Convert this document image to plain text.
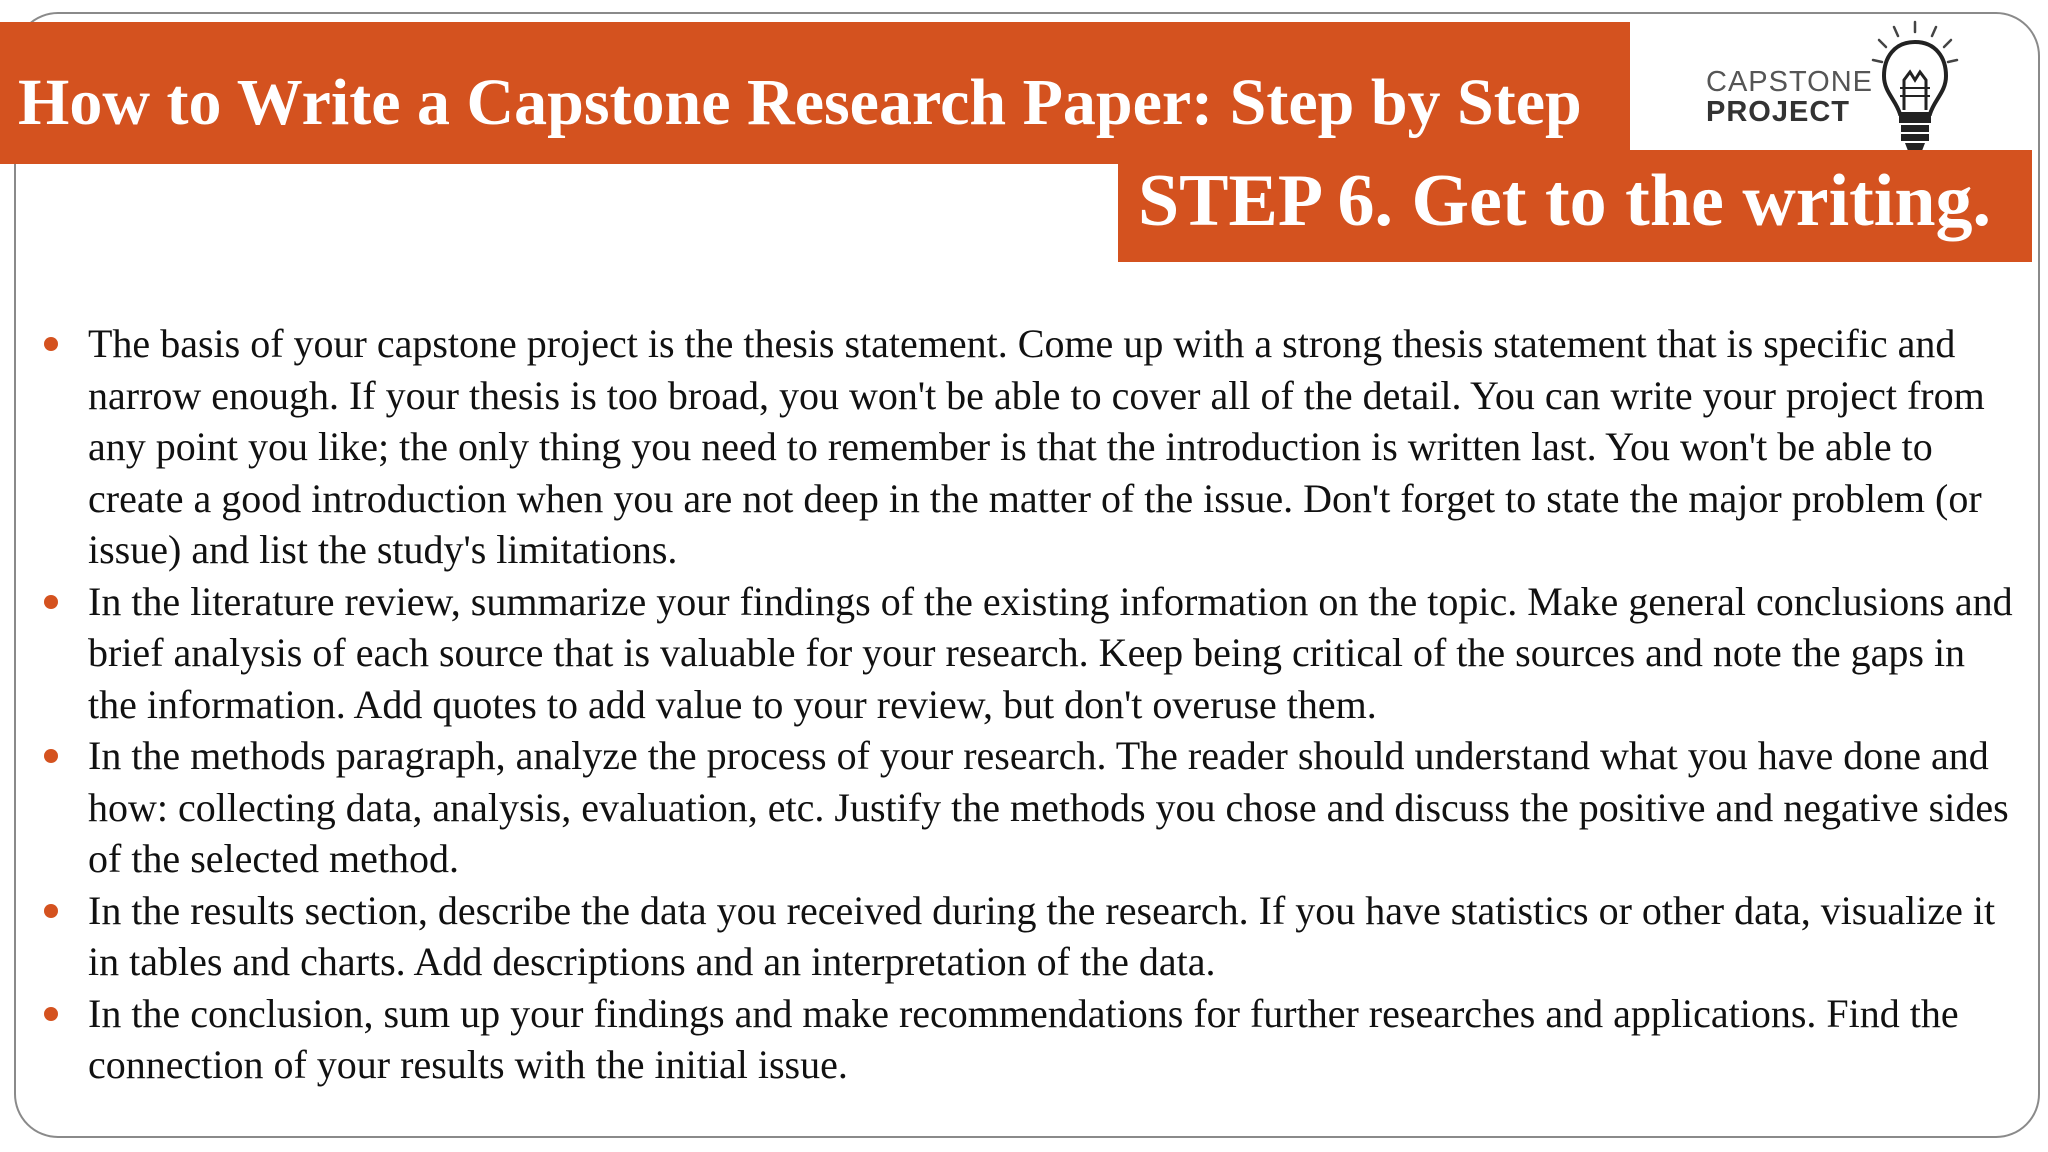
How to Write a Capstone Research Paper: Step by Step	CAPSTONE
PROJECT
STEP 6. Get to the writing.
The basis of your capstone project is the thesis statement. Come up with a strong thesis statement that is specific and narrow enough. If your thesis is too broad, you won't be able to cover all of the detail. You can write your project from any point you like; the only thing you need to remember is that the introduction is written last. You won't be able to create a good introduction when you are not deep in the matter of the issue. Don't forget to state the major problem (or issue) and list the study's limitations.
In the literature review, summarize your findings of the existing information on the topic. Make general conclusions and brief analysis of each source that is valuable for your research. Keep being critical of the sources and note the gaps in the information. Add quotes to add value to your review, but don't overuse them.
In the methods paragraph, analyze the process of your research. The reader should understand what you have done and how: collecting data, analysis, evaluation, etc. Justify the methods you chose and discuss the positive and negative sides of the selected method.
In the results section, describe the data you received during the research. If you have statistics or other data, visualize it in tables and charts. Add descriptions and an interpretation of the data.
In the conclusion, sum up your findings and make recommendations for further researches and applications. Find the connection of your results with the initial issue.
